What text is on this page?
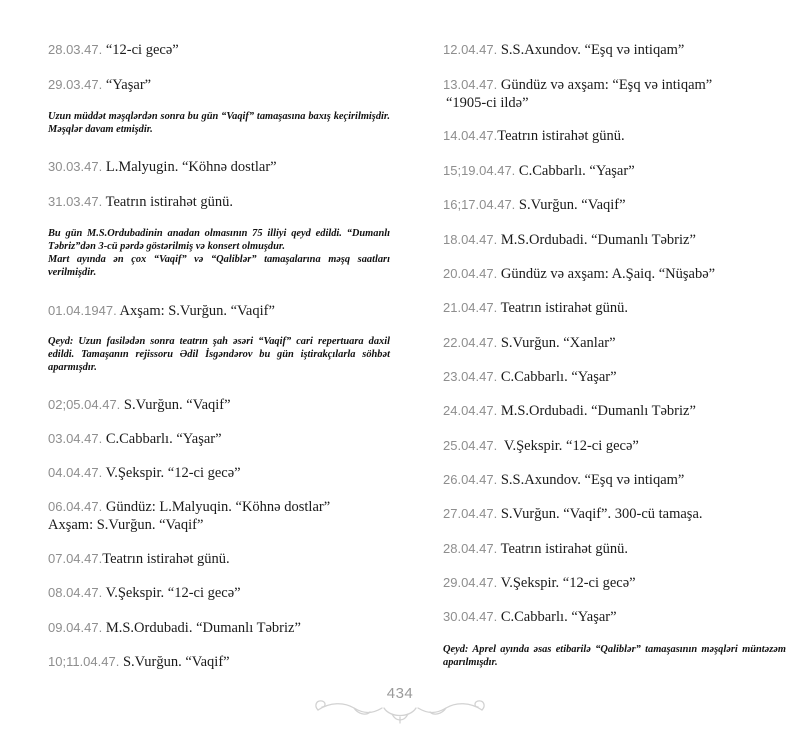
28.03.47. “12-ci gecə”
29.03.47. “Yaşar”

Uzun müddət məşqlərdən sonra bu gün “Vaqif” tamaşasına baxış keçirilmişdir. Məşqlər davam etmişdir.

30.03.47. L.Malyugin. “Köhnə dostlar”
31.03.47. Teatrın istirahət günü.

Bu gün M.S.Ordubadinin anadan olmasının 75 illiyi qeyd edildi. “Dumanlı Təbriz”dən 3-cü pərdə göstərilmiş və konsert olmuşdur.

Mart ayında ən çox “Vaqif” və “Qaliblər” tamaşalarına məşq saatları verilmişdir.

01.04.1947. Axşam: S.Vurğun. “Vaqif”

Qeyd: Uzun fasilədən sonra teatrın şah əsəri “Vaqif” cari repertuara daxil edildi. Tamaşanın rejissoru Ədil İsgəndərov bu gün iştirakçılarla söhbət aparmışdır.

02;05.04.47. S.Vurğun. “Vaqif”
03.04.47. C.Cabbarlı. “Yaşar”
04.04.47. V.Şekspir. “12-ci gecə”
06.04.47. Gündüz: L.Malyuqin. “Köhnə dostlar”
Axşam: S.Vurğun. “Vaqif”
07.04.47.Teatrın istirahət günü.
08.04.47. V.Şekspir. “12-ci gecə”
09.04.47. M.S.Ordubadi. “Dumanlı Təbriz”
10;11.04.47. S.Vurğun. “Vaqif”
12.04.47. S.S.Axundov. “Eşq və intiqam”
13.04.47. Gündüz və axşam: “Eşq və intiqam”
“1905-ci ildə”
14.04.47.Teatrın istirahət günü.
15;19.04.47. C.Cabbarlı. “Yaşar”
16;17.04.47. S.Vurğun. “Vaqif”
18.04.47. M.S.Ordubadi. “Dumanlı Təbriz”
20.04.47. Gündüz və axşam: A.Şaiq. “Nüşabə”
21.04.47. Teatrın istirahət günü.
22.04.47. S.Vurğun. “Xanlar”
23.04.47. C.Cabbarlı. “Yaşar”
24.04.47. M.S.Ordubadi. “Dumanlı Təbriz”
25.04.47. V.Şekspir. “12-ci gecə”
26.04.47. S.S.Axundov. “Eşq və intiqam”
27.04.47. S.Vurğun. “Vaqif”. 300-cü tamaşa.
28.04.47. Teatrın istirahət günü.
29.04.47. V.Şekspir. “12-ci gecə”
30.04.47. C.Cabbarlı. “Yaşar”

Qeyd: Aprel ayında əsas etibarilə “Qaliblər” tamaşasının məşqləri müntəzəm aparılmışdır.

434
